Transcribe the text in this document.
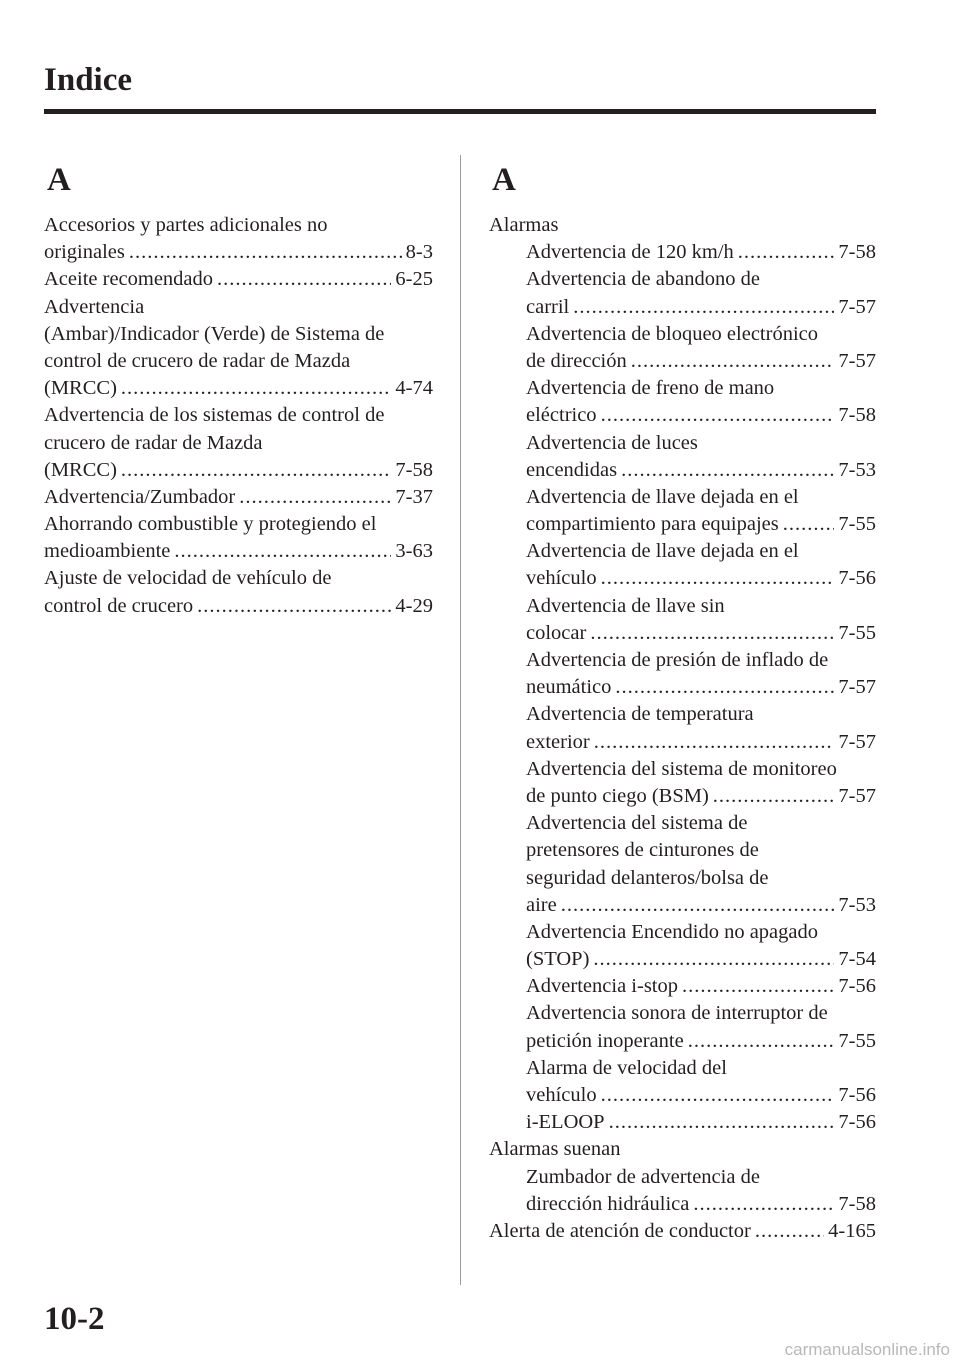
Indice
A
Accesorios y partes adicionales no
originales .....	8-3
Aceite recomendado .....	6-25
Advertencia
(Ambar)/Indicador (Verde) de Sistema de
control de crucero de radar de Mazda
(MRCC) .....	4-74
Advertencia de los sistemas de control de
crucero de radar de Mazda
(MRCC) .....	7-58
Advertencia/Zumbador .....	7-37
Ahorrando combustible y protegiendo el
medioambiente .....	3-63
Ajuste de velocidad de vehículo de
control de crucero .....	4-29
A
Alarmas
Advertencia de 120 km/h .....	7-58
Advertencia de abandono de
carril .....	7-57
Advertencia de bloqueo electrónico
de dirección .....	7-57
Advertencia de freno de mano
eléctrico .....	7-58
Advertencia de luces
encendidas .....	7-53
Advertencia de llave dejada en el
compartimiento para equipajes .....	7-55
Advertencia de llave dejada en el
vehículo .....	7-56
Advertencia de llave sin
colocar .....	7-55
Advertencia de presión de inflado de
neumático .....	7-57
Advertencia de temperatura
exterior .....	7-57
Advertencia del sistema de monitoreo
de punto ciego (BSM) .....	7-57
Advertencia del sistema de
pretensores de cinturones de
seguridad delanteros/bolsa de
aire .....	7-53
Advertencia Encendido no apagado
(STOP) .....	7-54
Advertencia i-stop .....	7-56
Advertencia sonora de interruptor de
petición inoperante .....	7-55
Alarma de velocidad del
vehículo .....	7-56
i-ELOOP .....	7-56
Alarmas suenan
Zumbador de advertencia de
dirección hidráulica .....	7-58
Alerta de atención de conductor .....	4-165
10-2
carmanualsonline.info
